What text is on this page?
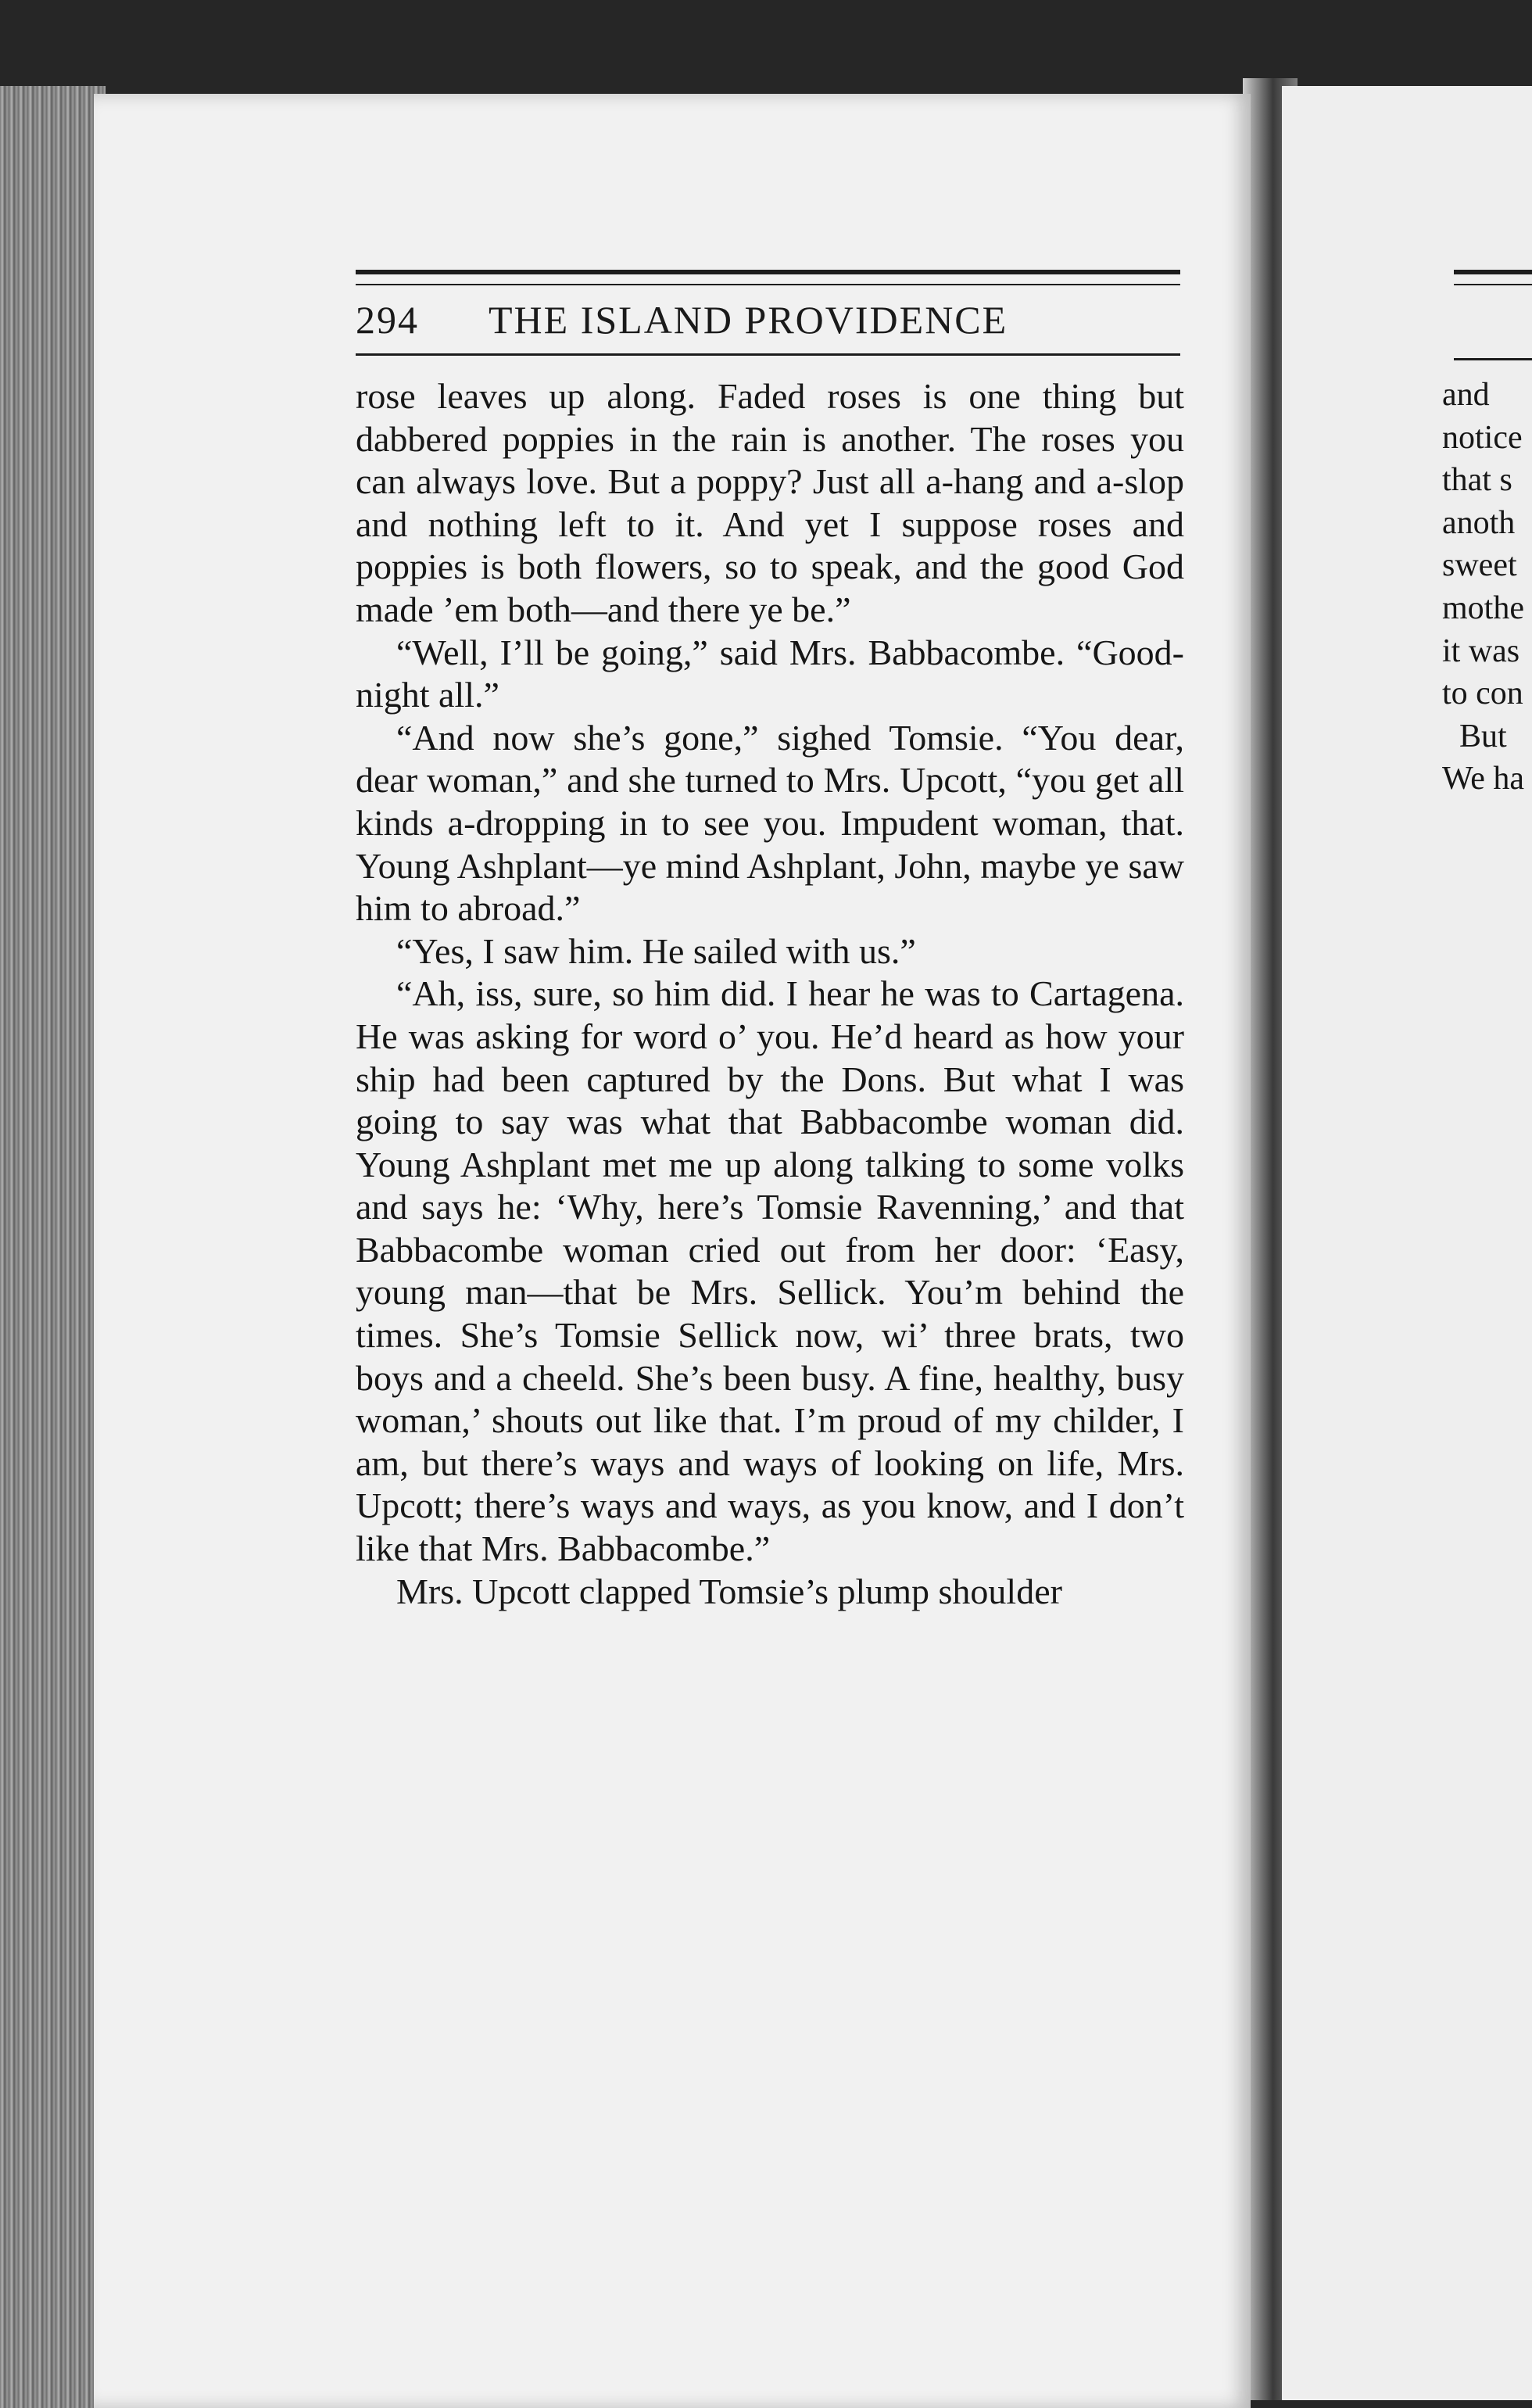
294 THE ISLAND PROVIDENCE

rose leaves up along. Faded roses is one thing but dabbered poppies in the rain is another. The roses you can always love. But a poppy? Just all a-hang and a-slop and nothing left to it. And yet I suppose roses and poppies is both flowers, so to speak, and the good God made ’em both—and there ye be.”

“Well, I’ll be going,” said Mrs. Babbacombe. “Good-night all.”

“And now she’s gone,” sighed Tomsie. “You dear, dear woman,” and she turned to Mrs. Upcott, “you get all kinds a-dropping in to see you. Impudent woman, that. Young Ashplant—ye mind Ashplant, John, maybe ye saw him to abroad.”

“Yes, I saw him. He sailed with us.”

“Ah, iss, sure, so him did. I hear he was to Cartagena. He was asking for word o’ you. He’d heard as how your ship had been captured by the Dons. But what I was going to say was what that Babbacombe woman did. Young Ashplant met me up along talking to some volks and says he: ‘Why, here’s Tomsie Ravenning,’ and that Babbacombe woman cried out from her door: ‘Easy, young man—that be Mrs. Sellick. You’m behind the times. She’s Tomsie Sellick now, wi’ three brats, two boys and a cheeld. She’s been busy. A fine, healthy, busy woman,’ shouts out like that. I’m proud of my childer, I am, but there’s ways and ways of looking on life, Mrs. Upcott; there’s ways and ways, as you know, and I don’t like that Mrs. Babbacombe.”

Mrs. Upcott clapped Tomsie’s plump shoulder

and
notice
that s
anoth
sweet
mothe
it was
to con
But
We ha
